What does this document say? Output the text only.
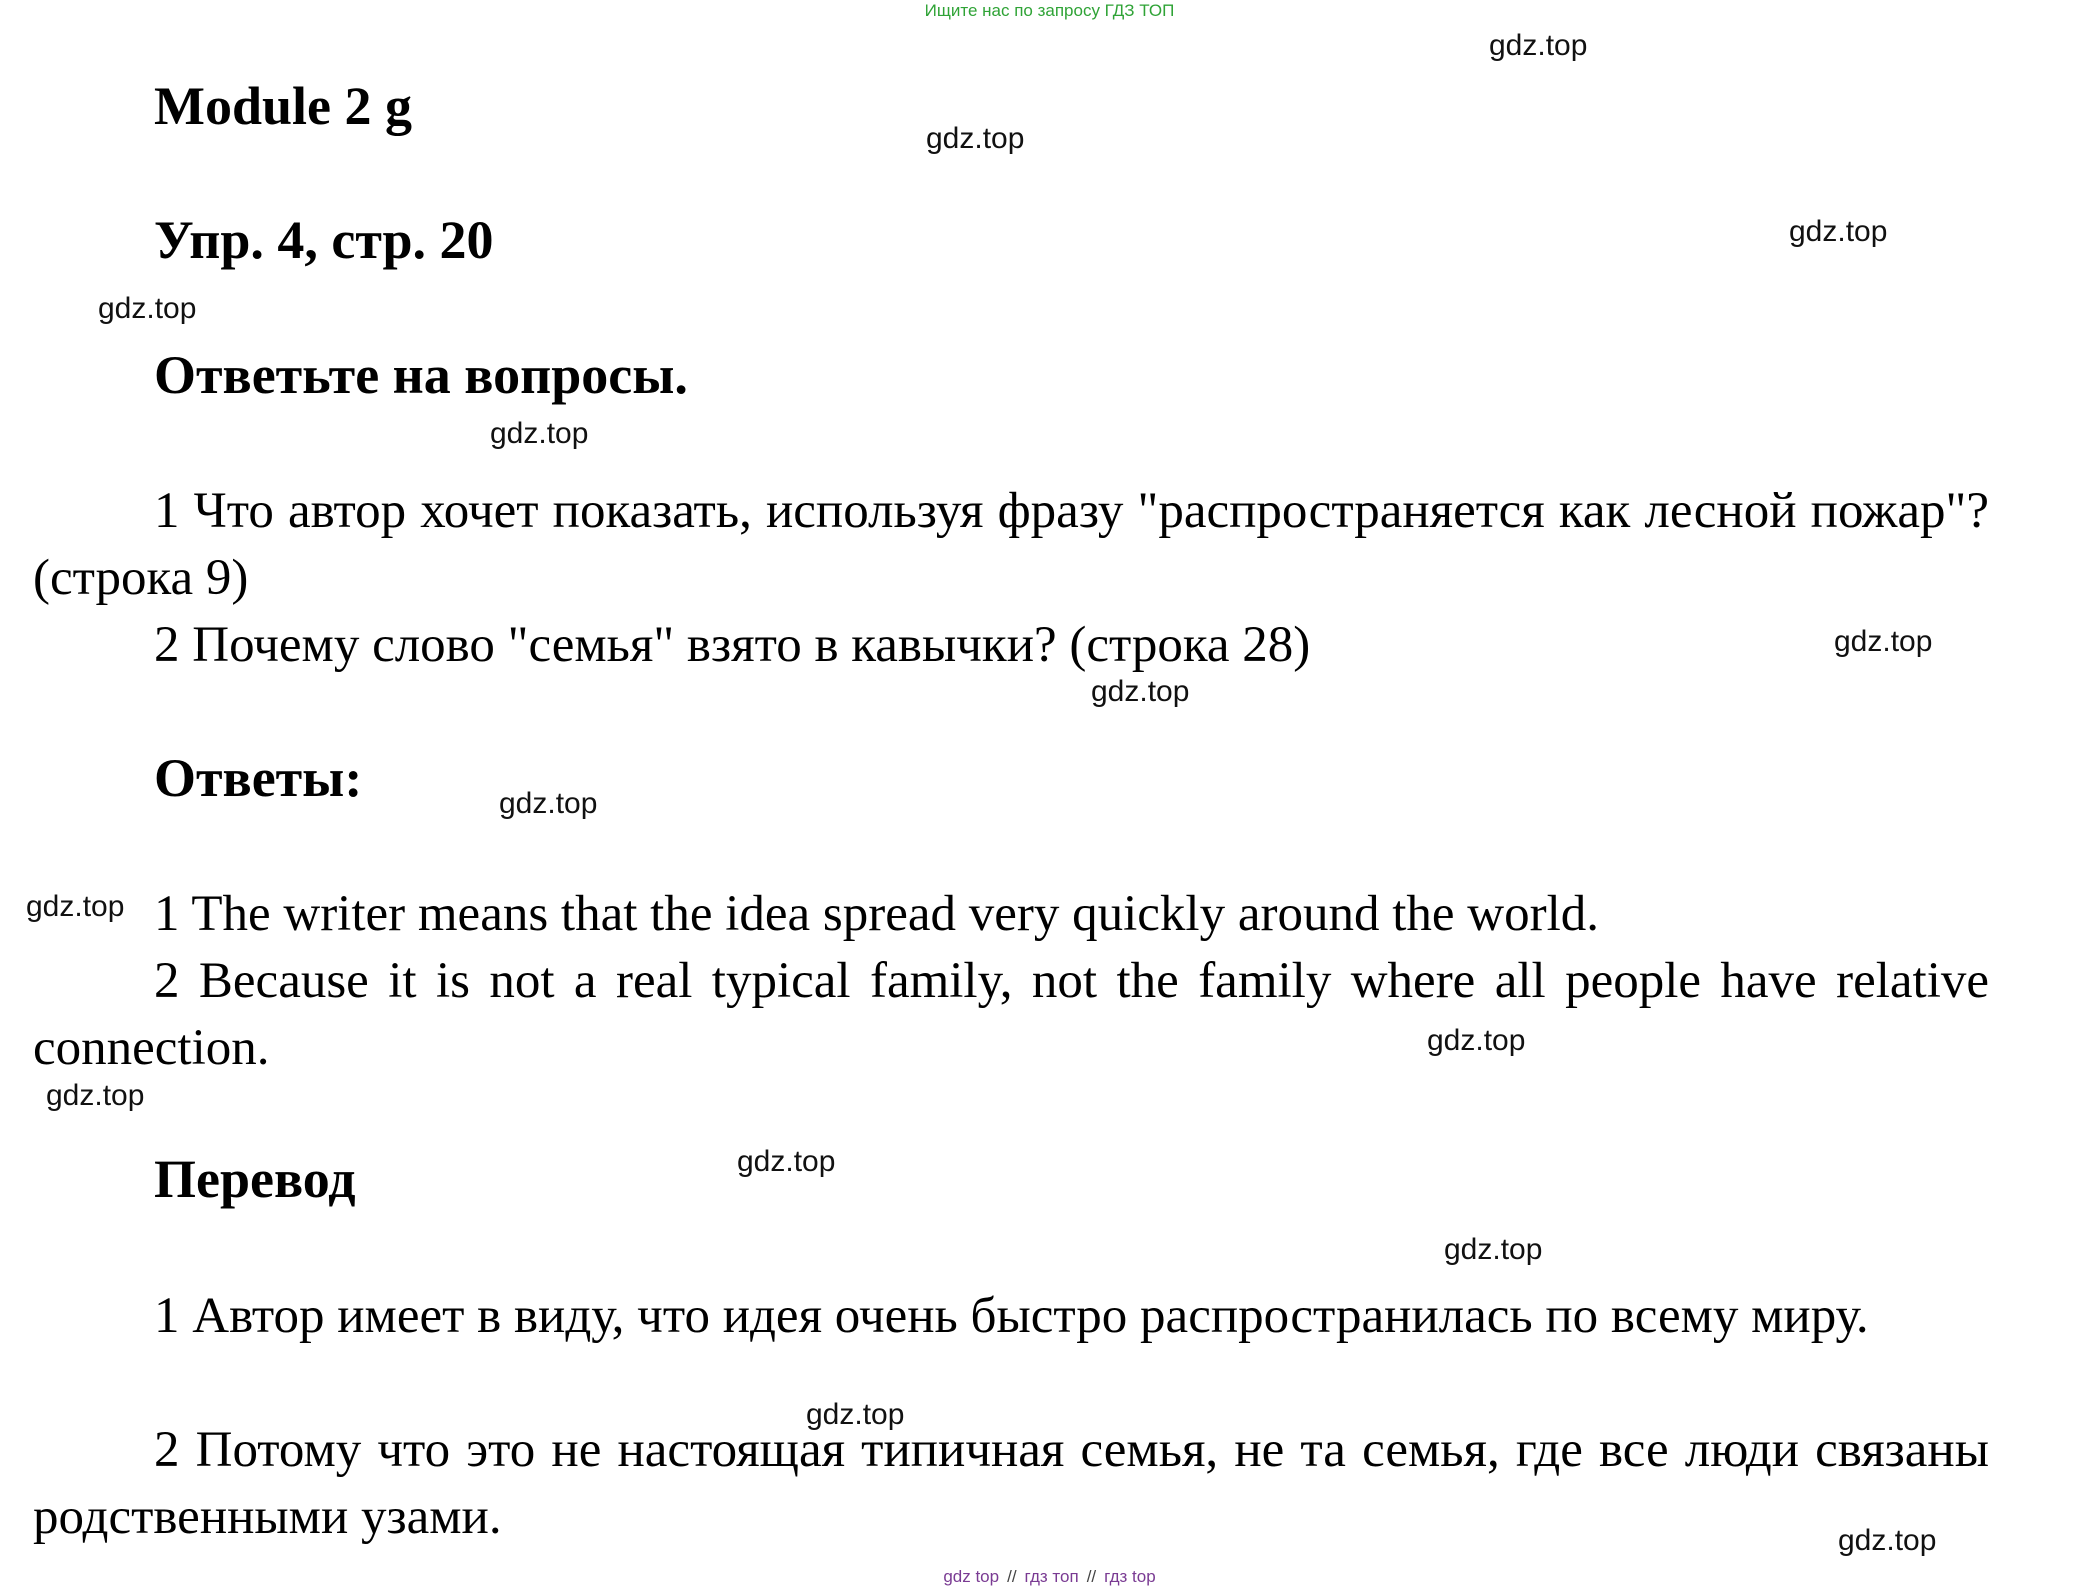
Ищите нас по запросу ГДЗ ТОП
Module 2 g
Упр. 4, стр. 20
Ответьте на вопросы.

1 Что автор хочет показать, используя фразу "распространяется как лесной пожар"? (строка 9)

2 Почему слово "семья" взято в кавычки? (строка 28)

Ответы:

1 The writer means that the idea spread very quickly around the world.

2 Because it is not a real typical family, not the family where all people have relative connection.

Перевод

1 Автор имеет в виду, что идея очень быстро распространилась по всему миру.

2 Потому что это не настоящая типичная семья, не та семья, где все люди связаны родственными узами.

gdz.top
gdz.top
gdz.top
gdz.top
gdz.top
gdz.top
gdz.top
gdz.top
gdz.top
gdz.top
gdz.top
gdz.top
gdz.top
gdz.top
gdz.top
gdz top // гдз топ // гдз top
